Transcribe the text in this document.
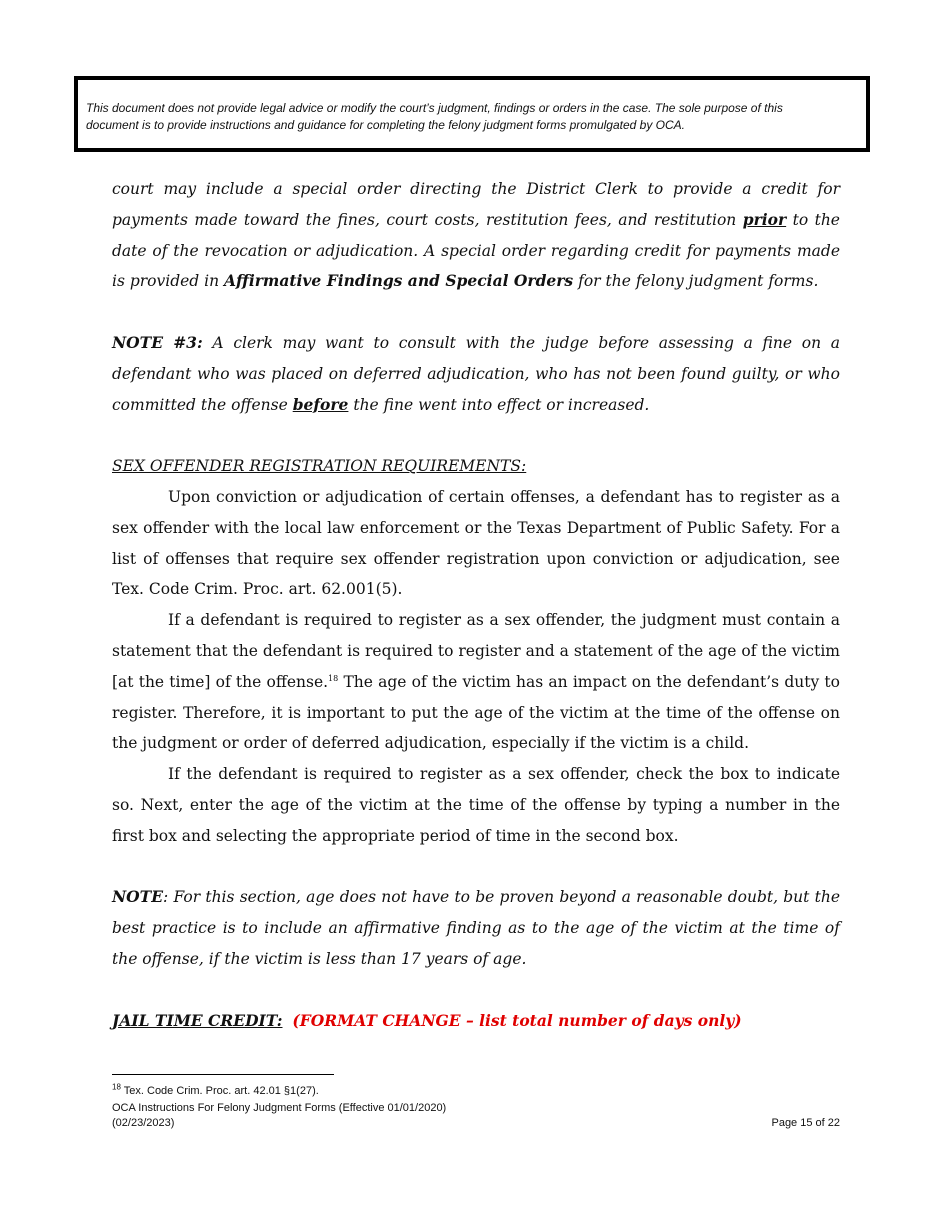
This document does not provide legal advice or modify the court’s judgment, findings or orders in the case. The sole purpose of this
document is to provide instructions and guidance for completing the felony judgment forms promulgated by OCA.

court may include a special order directing the District Clerk to provide a credit for payments made toward the fines, court costs, restitution fees, and restitution prior to the date of the revocation or adjudication. A special order regarding credit for payments made is provided in Affirmative Findings and Special Orders for the felony judgment forms.

NOTE #3: A clerk may want to consult with the judge before assessing a fine on a defendant who was placed on deferred adjudication, who has not been found guilty, or who committed the offense before the fine went into effect or increased.

SEX OFFENDER REGISTRATION REQUIREMENTS:

Upon conviction or adjudication of certain offenses, a defendant has to register as a sex offender with the local law enforcement or the Texas Department of Public Safety. For a list of offenses that require sex offender registration upon conviction or adjudication, see Tex. Code Crim. Proc. art. 62.001(5).

If a defendant is required to register as a sex offender, the judgment must contain a statement that the defendant is required to register and a statement of the age of the victim [at the time] of the offense.$^{18}$ The age of the victim has an impact on the defendant’s duty to register. Therefore, it is important to put the age of the victim at the time of the offense on the judgment or order of deferred adjudication, especially if the victim is a child.

If the defendant is required to register as a sex offender, check the box to indicate so. Next, enter the age of the victim at the time of the offense by typing a number in the first box and selecting the appropriate period of time in the second box.

NOTE: For this section, age does not have to be proven beyond a reasonable doubt, but the best practice is to include an affirmative finding as to the age of the victim at the time of the offense, if the victim is less than 17 years of age.

JAIL TIME CREDIT: (FORMAT CHANGE – list total number of days only)

$^{18}$ Tex. Code Crim. Proc. art. 42.01 §1(27).
OCA Instructions For Felony Judgment Forms (Effective 01/01/2020)
(02/23/2023)	Page 15 of 22
